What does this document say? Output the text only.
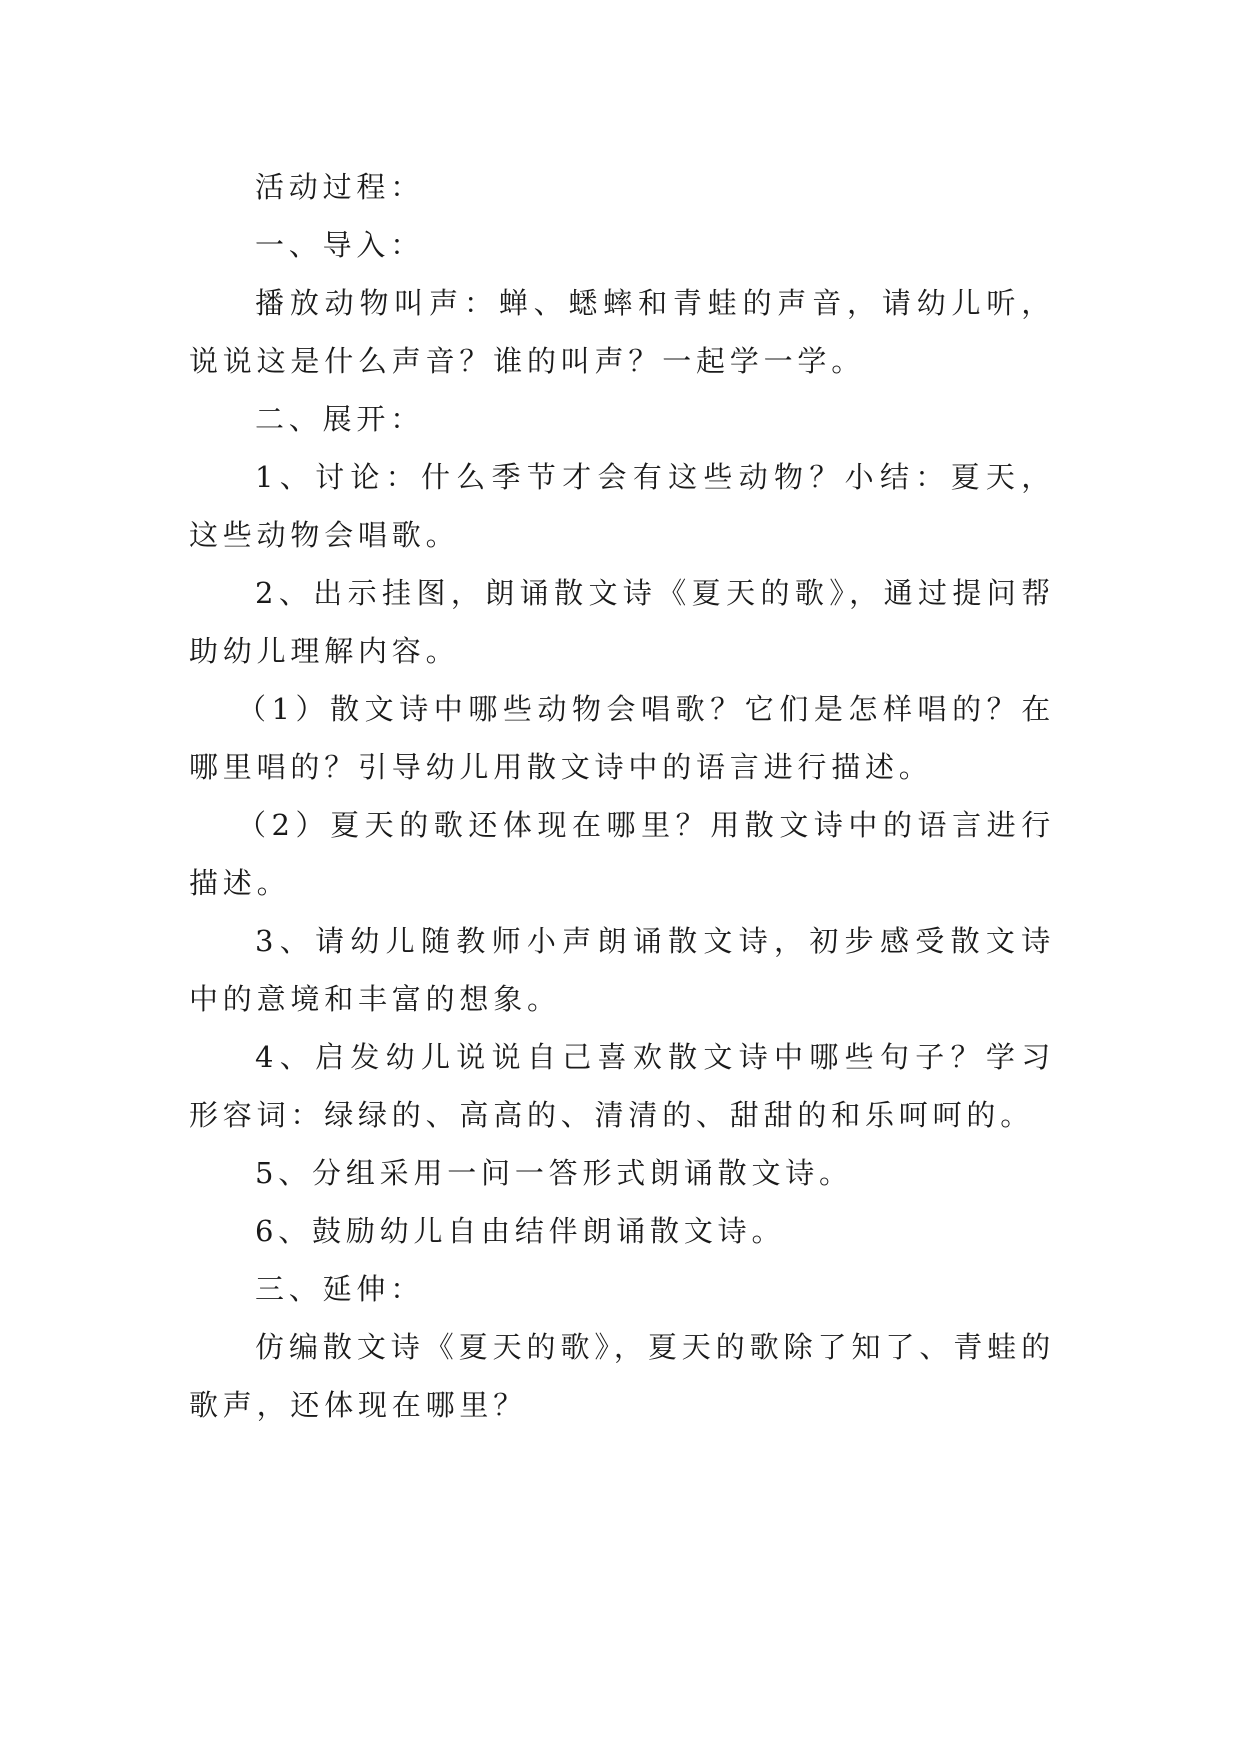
活动过程：

一、导入：

播放动物叫声：蝉、蟋蟀和青蛙的声音，请幼儿听，说说这是什么声音？谁的叫声？一起学一学。

二、展开：

1、讨论：什么季节才会有这些动物？小结：夏天，这些动物会唱歌。

2、出示挂图，朗诵散文诗《夏天的歌》，通过提问帮助幼儿理解内容。

（1）散文诗中哪些动物会唱歌？它们是怎样唱的？在哪里唱的？引导幼儿用散文诗中的语言进行描述。

（2）夏天的歌还体现在哪里？用散文诗中的语言进行描述。

3、请幼儿随教师小声朗诵散文诗，初步感受散文诗中的意境和丰富的想象。

4、启发幼儿说说自己喜欢散文诗中哪些句子？学习形容词：绿绿的、高高的、清清的、甜甜的和乐呵呵的。

5、分组采用一问一答形式朗诵散文诗。

6、鼓励幼儿自由结伴朗诵散文诗。

三、延伸：

仿编散文诗《夏天的歌》，夏天的歌除了知了、青蛙的歌声，还体现在哪里？
